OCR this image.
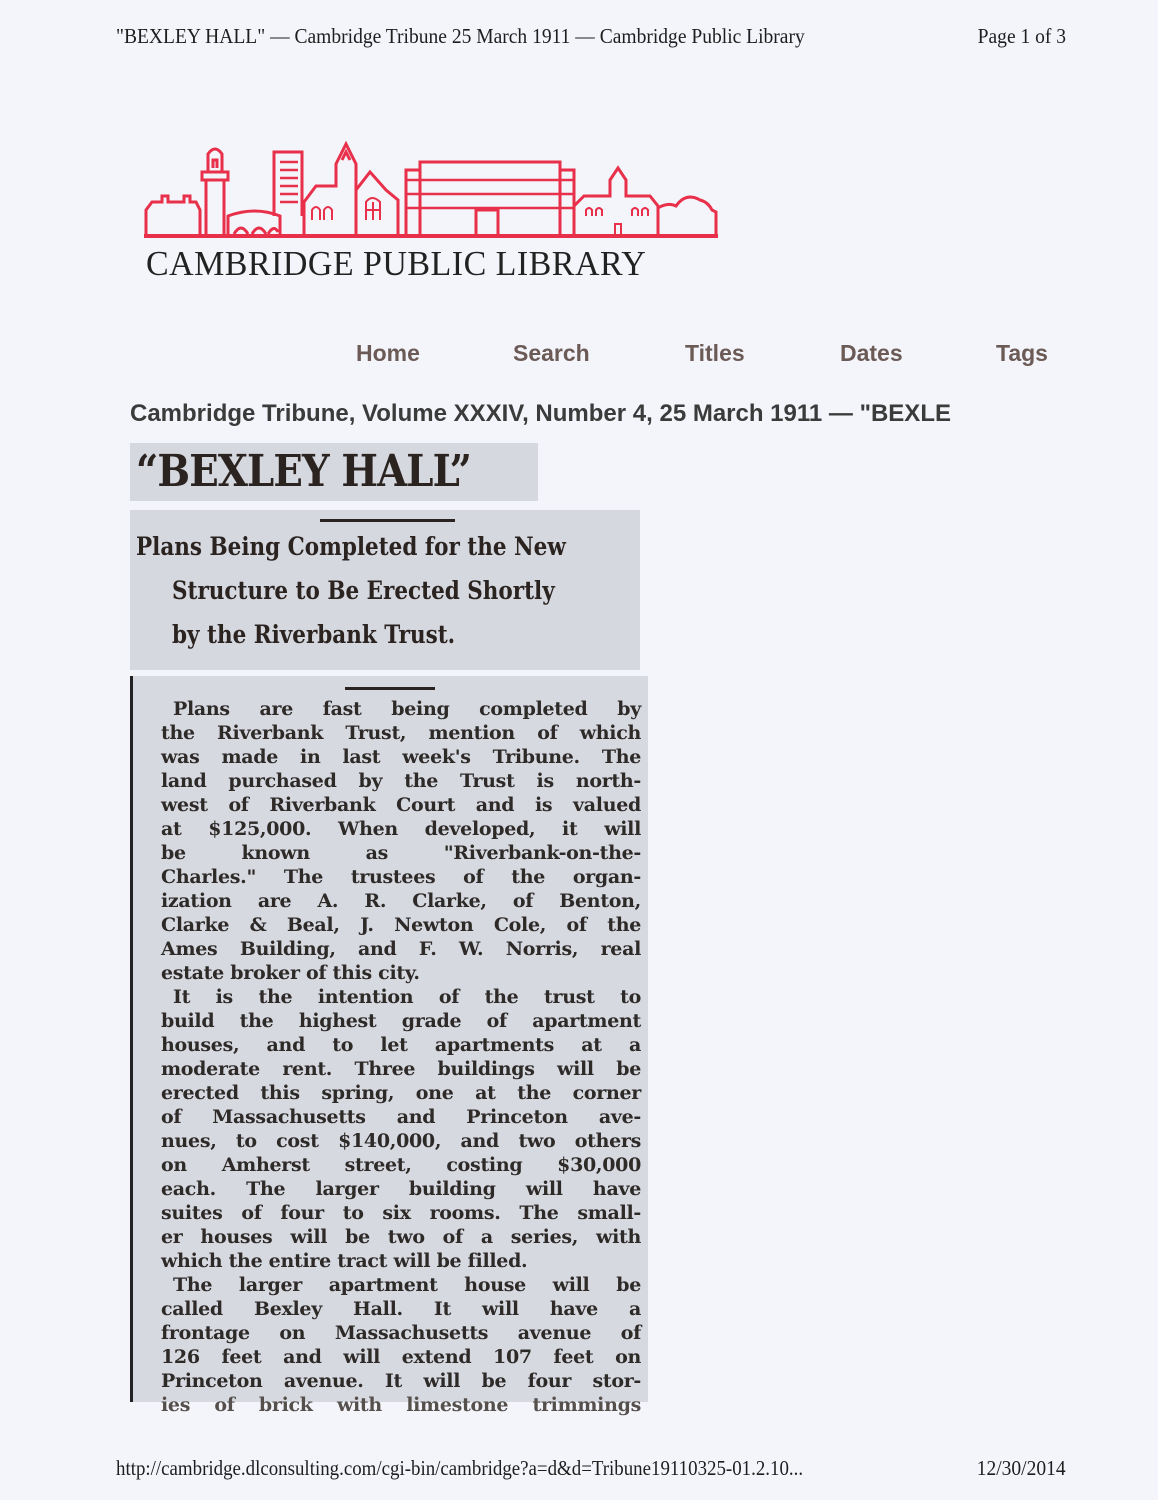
"BEXLEY HALL" — Cambridge Tribune 25 March 1911 — Cambridge Public Library	Page 1 of 3
CAMBRIDGE PUBLIC LIBRARY
Home	Search	Titles	Dates	Tags
Cambridge Tribune, Volume XXXIV, Number 4, 25 March 1911 — "BEXLE
“BEXLEY HALL”
Plans Being Completed for the New
Structure to Be Erected Shortly
by the Riverbank Trust.
Plans are fast being completed by
the Riverbank Trust, mention of which
was made in last week's Tribune. The
land purchased by the Trust is north-
west of Riverbank Court and is valued
at $125,000. When developed, it will
be known as "Riverbank-on-the-
Charles." The trustees of the organ-
ization are A. R. Clarke, of Benton,
Clarke & Beal, J. Newton Cole, of the
Ames Building, and F. W. Norris, real
estate broker of this city.
It is the intention of the trust to
build the highest grade of apartment
houses, and to let apartments at a
moderate rent. Three buildings will be
erected this spring, one at the corner
of Massachusetts and Princeton ave-
nues, to cost $140,000, and two others
on Amherst street, costing $30,000
each. The larger building will have
suites of four to six rooms. The small-
er houses will be two of a series, with
which the entire tract will be filled.
The larger apartment house will be
called Bexley Hall. It will have a
frontage on Massachusetts avenue of
126 feet and will extend 107 feet on
Princeton avenue. It will be four stor-
ies of brick with limestone trimmings
http://cambridge.dlconsulting.com/cgi-bin/cambridge?a=d&d=Tribune19110325-01.2.10...	12/30/2014
